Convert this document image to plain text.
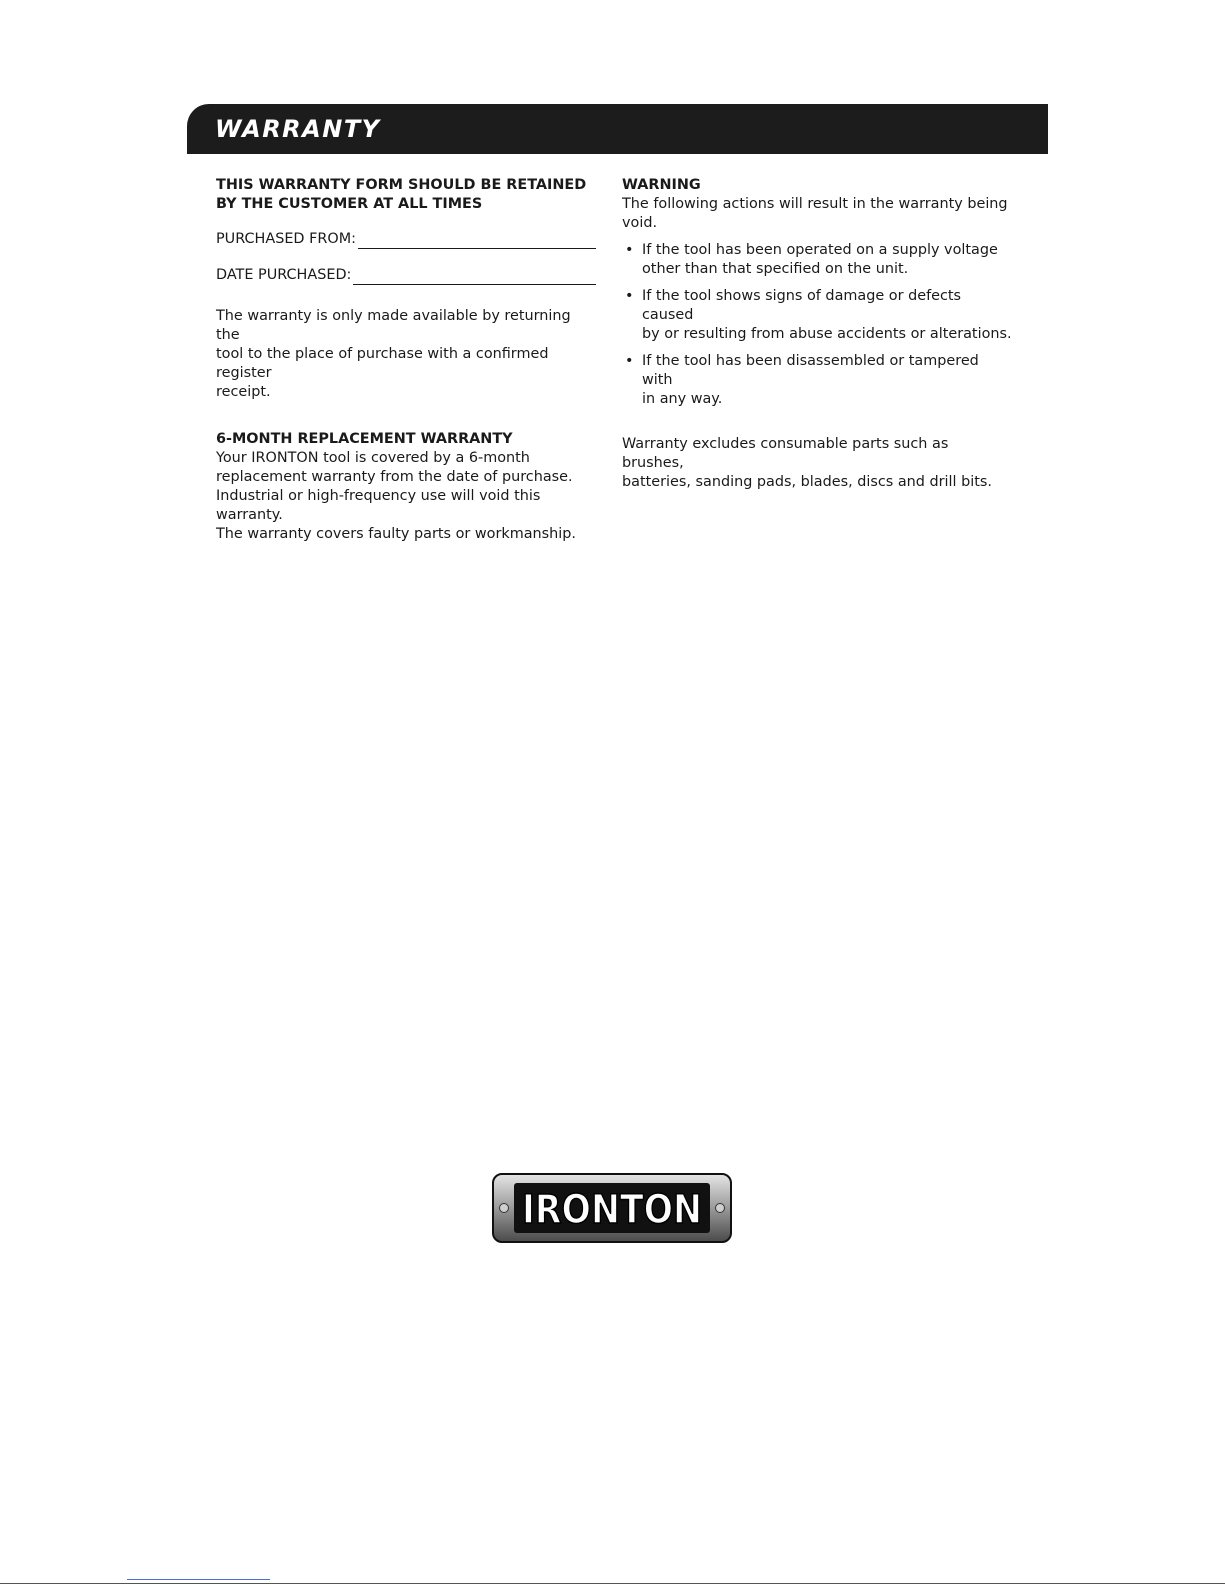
WARRANTY

THIS WARRANTY FORM SHOULD BE RETAINED

BY THE CUSTOMER AT ALL TIMES

PURCHASED FROM:
DATE PURCHASED:

The warranty is only made available by returning the

tool to the place of purchase with a confirmed register

receipt.

6-MONTH REPLACEMENT WARRANTY

Your IRONTON tool is covered by a 6-month

replacement warranty from the date of purchase.

Industrial or high-frequency use will void this warranty.

The warranty covers faulty parts or workmanship.

WARNING

The following actions will result in the warranty being void.

• If the tool has been operated on a supply voltage
other than that specified on the unit.
• If the tool shows signs of damage or defects caused
by or resulting from abuse accidents or alterations.
• If the tool has been disassembled or tampered with
in any way.

Warranty excludes consumable parts such as brushes,

batteries, sanding pads, blades, discs and drill bits.

IRONTON
